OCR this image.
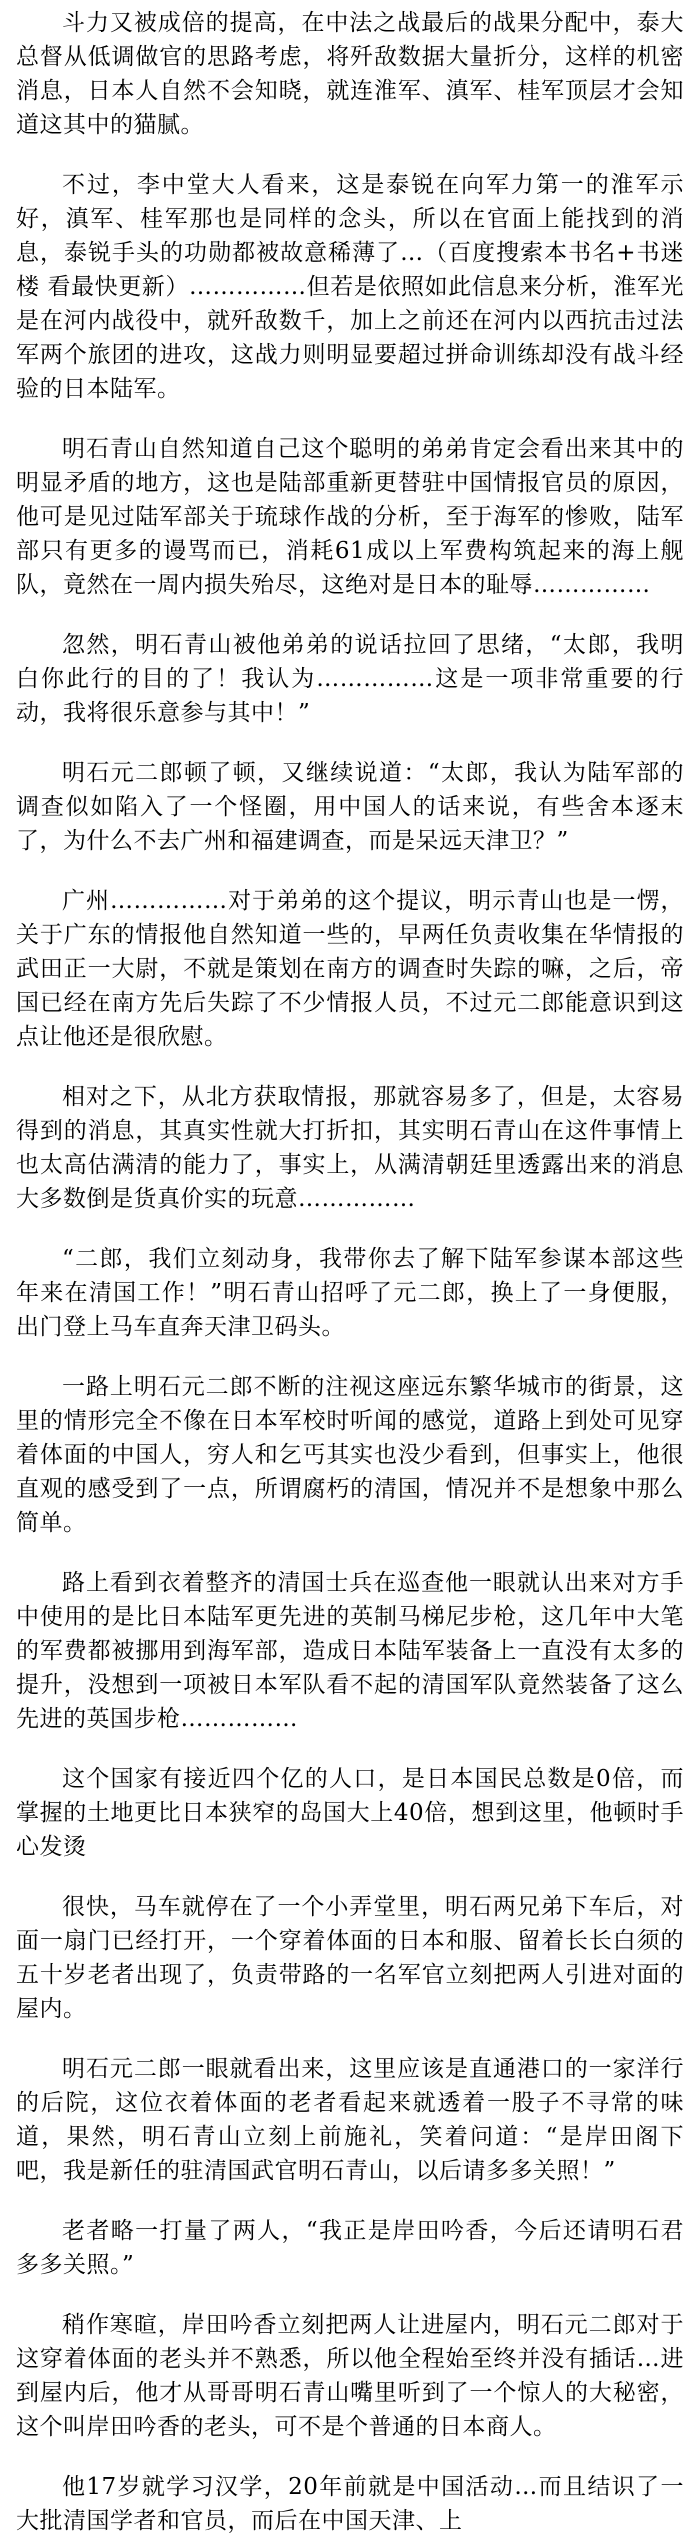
斗力又被成倍的提高，在中法之战最后的战果分配中，泰大总督从低调做官的思路考虑，将歼敌数据大量折分，这样的机密消息，日本人自然不会知晓，就连淮军、滇军、桂军顶层才会知道这其中的猫腻。

不过，李中堂大人看来，这是泰锐在向军力第一的淮军示好，滇军、桂军那也是同样的念头，所以在官面上能找到的消息，泰锐手头的功勋都被故意稀薄了…（百度搜索本书名+书迷楼 看最快更新）……………但若是依照如此信息来分析，淮军光是在河内战役中，就歼敌数千，加上之前还在河内以西抗击过法军两个旅团的进攻，这战力则明显要超过拼命训练却没有战斗经验的日本陆军。

明石青山自然知道自己这个聪明的弟弟肯定会看出来其中的明显矛盾的地方，这也是陆部重新更替驻中国情报官员的原因，他可是见过陆军部关于琉球作战的分析，至于海军的惨败，陆军部只有更多的谩骂而已，消耗61成以上军费构筑起来的海上舰队，竟然在一周内损失殆尽，这绝对是日本的耻辱……………

忽然，明石青山被他弟弟的说话拉回了思绪，“太郎，我明白你此行的目的了！我认为……………这是一项非常重要的行动，我将很乐意参与其中！”

明石元二郎顿了顿，又继续说道：“太郎，我认为陆军部的调查似如陷入了一个怪圈，用中国人的话来说，有些舍本逐末了，为什么不去广州和福建调查，而是呆远天津卫？”

广州……………对于弟弟的这个提议，明示青山也是一愣，关于广东的情报他自然知道一些的，早两任负责收集在华情报的武田正一大尉，不就是策划在南方的调查时失踪的嘛，之后，帝国已经在南方先后失踪了不少情报人员，不过元二郎能意识到这点让他还是很欣慰。

相对之下，从北方获取情报，那就容易多了，但是，太容易得到的消息，其真实性就大打折扣，其实明石青山在这件事情上也太高估满清的能力了，事实上，从满清朝廷里透露出来的消息大多数倒是货真价实的玩意……………

“二郎，我们立刻动身，我带你去了解下陆军参谋本部这些年来在清国工作！”明石青山招呼了元二郎，换上了一身便服，出门登上马车直奔天津卫码头。

一路上明石元二郎不断的注视这座远东繁华城市的街景，这里的情形完全不像在日本军校时听闻的感觉，道路上到处可见穿着体面的中国人，穷人和乞丐其实也没少看到，但事实上，他很直观的感受到了一点，所谓腐朽的清国，情况并不是想象中那么简单。

路上看到衣着整齐的清国士兵在巡查他一眼就认出来对方手中使用的是比日本陆军更先进的英制马梯尼步枪，这几年中大笔的军费都被挪用到海军部，造成日本陆军装备上一直没有太多的提升，没想到一项被日本军队看不起的清国军队竟然装备了这么先进的英国步枪……………

这个国家有接近四个亿的人口，是日本国民总数是0倍，而掌握的土地更比日本狭窄的岛国大上40倍，想到这里，他顿时手心发烫

很快，马车就停在了一个小弄堂里，明石两兄弟下车后，对面一扇门已经打开，一个穿着体面的日本和服、留着长长白须的五十岁老者出现了，负责带路的一名军官立刻把两人引进对面的屋内。

明石元二郎一眼就看出来，这里应该是直通港口的一家洋行的后院，这位衣着体面的老者看起来就透着一股子不寻常的味道，果然，明石青山立刻上前施礼，笑着问道：“是岸田阁下吧，我是新任的驻清国武官明石青山，以后请多多关照！”

老者略一打量了两人，“我正是岸田吟香，今后还请明石君多多关照。”

稍作寒暄，岸田吟香立刻把两人让进屋内，明石元二郎对于这穿着体面的老头并不熟悉，所以他全程始至终并没有插话…进到屋内后，他才从哥哥明石青山嘴里听到了一个惊人的大秘密，这个叫岸田吟香的老头，可不是个普通的日本商人。

他17岁就学习汉学，20年前就是中国活动…而且结识了一大批清国学者和官员，而后在中国天津、上
